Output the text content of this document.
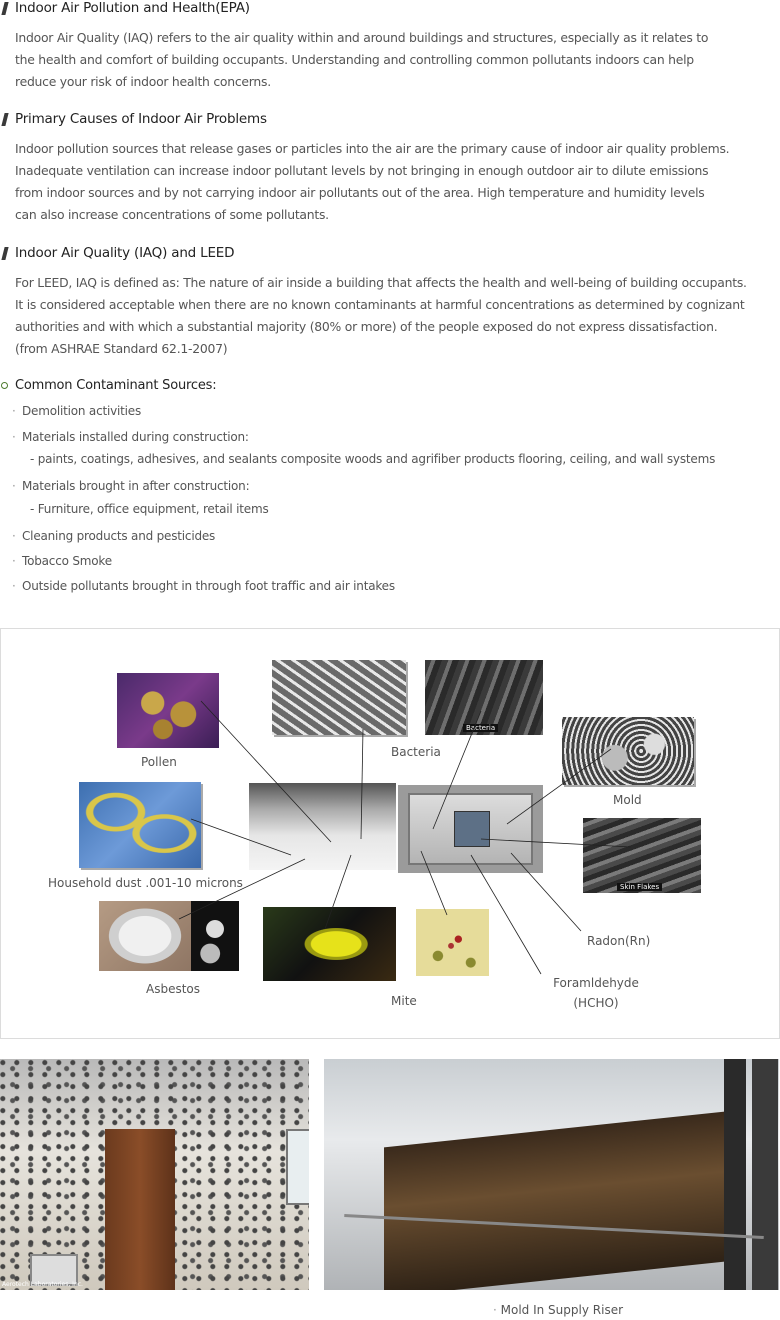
Indoor Air Pollution and Health(EPA)
Indoor Air Quality (IAQ) refers to the air quality within and around buildings and structures, especially as it relates to
the health and comfort of building occupants. Understanding and controlling common pollutants indoors can help
reduce your risk of indoor health concerns.
Primary Causes of Indoor Air Problems
Indoor pollution sources that release gases or particles into the air are the primary cause of indoor air quality problems.
Inadequate ventilation can increase indoor pollutant levels by not bringing in enough outdoor air to dilute emissions
from indoor sources and by not carrying indoor air pollutants out of the area. High temperature and humidity levels
can also increase concentrations of some pollutants.
Indoor Air Quality (IAQ) and LEED
For LEED, IAQ is defined as: The nature of air inside a building that affects the health and well-being of building occupants.
It is considered acceptable when there are no known contaminants at harmful concentrations as determined by cognizant
authorities and with which a substantial majority (80% or more) of the people exposed do not express dissatisfaction.
(from ASHRAE Standard 62.1-2007)
Common Contaminant Sources:
· Demolition activities
· Materials installed during construction:
- paints, coatings, adhesives, and sealants composite woods and agrifiber products flooring, ceiling, and wall systems
· Materials brought in after construction:
- Furniture, office equipment, retail items
· Cleaning products and pesticides
· Tobacco Smoke
· Outside pollutants brought in through foot traffic and air intakes
Pollen
Bacteria
Bacteria
Mold
Household dust .001-10 microns	Skin Flakes
Asbestos
Mite
Radon(Rn)
Foramldehyde
(HCHO)
Aerotech Laboratories, Inc.
· Mold In Supply Riser
